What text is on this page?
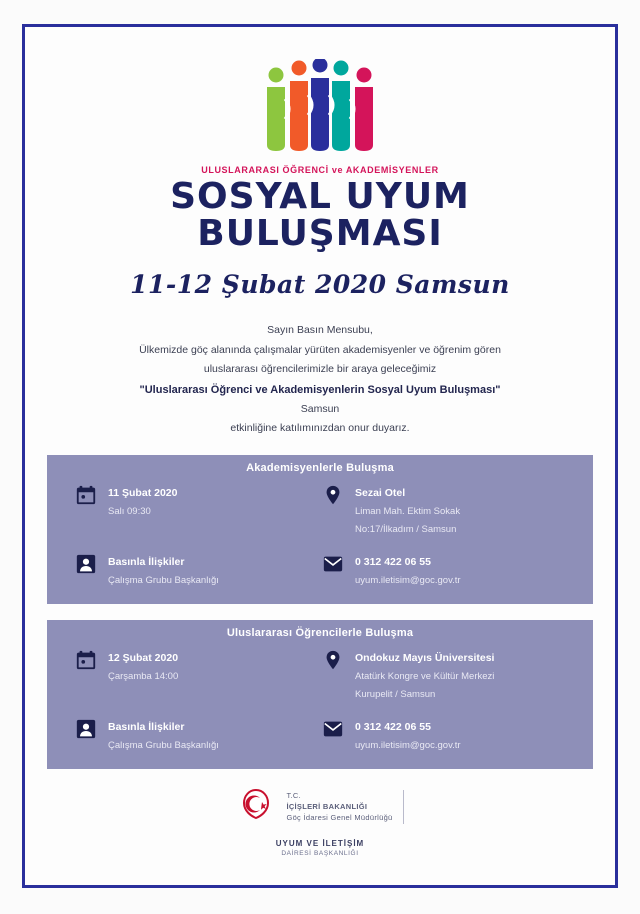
ULUSLARARASI ÖĞRENCİ ve AKADEMİSYENLER
SOSYAL UYUM
BULUŞMASI
11-12 Şubat 2020 Samsun
Sayın Basın Mensubu,
Ülkemizde göç alanında çalışmalar yürüten akademisyenler ve öğrenim gören
uluslararası öğrencilerimizle bir araya geleceğimiz
"Uluslararası Öğrenci ve Akademisyenlerin Sosyal Uyum Buluşması"
Samsun
etkinliğine katılımınızdan onur duyarız.
Akademisyenlerle Buluşma
11 Şubat 2020
Salı 09:30
Sezai Otel
Liman Mah. Ektim Sokak
No:17/İlkadım / Samsun
Basınla İlişkiler
Çalışma Grubu Başkanlığı
0 312 422 06 55
uyum.iletisim@goc.gov.tr
Uluslararası Öğrencilerle Buluşma
12 Şubat 2020
Çarşamba 14:00
Ondokuz Mayıs Üniversitesi
Atatürk Kongre ve Kültür Merkezi
Kurupelit / Samsun
Basınla İlişkiler
Çalışma Grubu Başkanlığı
0 312 422 06 55
uyum.iletisim@goc.gov.tr
T.C.
İÇİŞLERİ BAKANLIĞI
Göç İdaresi Genel Müdürlüğü
UYUM VE İLETİŞİM
DAİRESİ BAŞKANLIĞI
